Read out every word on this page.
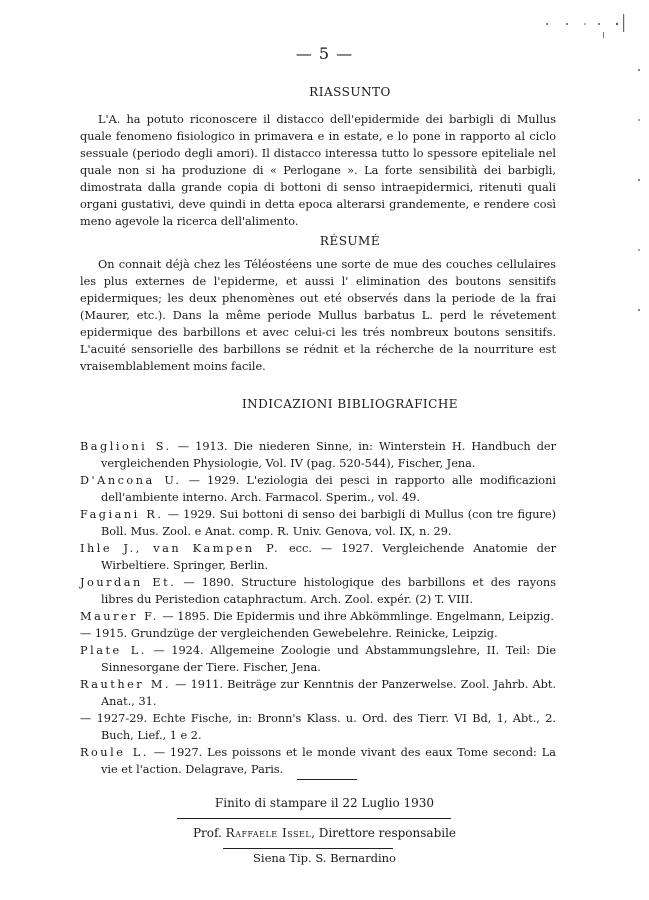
— 5 —
RIASSUNTO

L'A. ha potuto riconoscere il distacco dell'epidermide dei barbigli di Mullus quale fenomeno fisiologico in primavera e in estate, e lo pone in rapporto al ciclo sessuale (periodo degli amori). Il distacco interessa tutto lo spessore epiteliale nel quale non si ha produzione di « Perlogane ». La forte sensibilità dei barbigli, dimostrata dalla grande copia di bottoni di senso intraepidermici, ritenuti quali organi gustativi, deve quindi in detta epoca alterarsi grandemente, e rendere così meno agevole la ricerca dell'alimento.

RÉSUMÉ

On connait déjà chez les Téléostéens une sorte de mue des couches cellulaires les plus externes de l'epiderme, et aussi l' elimination des boutons sensitifs epidermiques; les deux phenomènes out eté observés dans la periode de la frai (Maurer, etc.). Dans la même periode Mullus barbatus L. perd le révetement epidermique des barbillons et avec celui-ci les trés nombreux boutons sensitifs. L'acuité sensorielle des barbillons se rédnit et la récherche de la nourriture est vraisemblablement moins facile.

INDICAZIONI BIBLIOGRAFICHE

Baglioni S. — 1913. Die niederen Sinne, in: Winterstein H. Handbuch der vergleichenden Physiologie, Vol. IV (pag. 520-544), Fischer, Jena.

D'Ancona U. — 1929. L'eziologia dei pesci in rapporto alle modificazioni dell'ambiente interno. Arch. Farmacol. Sperim., vol. 49.

Fagiani R. — 1929. Sui bottoni di senso dei barbigli di Mullus (con tre figure) Boll. Mus. Zool. e Anat. comp. R. Univ. Genova, vol. IX, n. 29.

Ihle J., van Kampen P. ecc. — 1927. Vergleichende Anatomie der Wirbeltiere. Springer, Berlin.

Jourdan Et. — 1890. Structure histologique des barbillons et des rayons libres du Peristedion cataphractum. Arch. Zool. expér. (2) T. VIII.

Maurer F. — 1895. Die Epidermis und ihre Abkömmlinge. Engelmann, Leipzig.

— 1915. Grundzüge der vergleichenden Gewebelehre. Reinicke, Leipzig.

Plate L. — 1924. Allgemeine Zoologie und Abstammungslehre, II. Teil: Die Sinnesorgane der Tiere. Fischer, Jena.

Rauther M. — 1911. Beiträge zur Kenntnis der Panzerwelse. Zool. Jahrb. Abt. Anat., 31.

— 1927-29. Echte Fische, in: Bronn's Klass. u. Ord. des Tierr. VI Bd, 1, Abt., 2. Buch, Lief., 1 e 2.

Roule L. — 1927. Les poissons et le monde vivant des eaux Tome second: La vie et l'action. Delagrave, Paris.

Finito di stampare il 22 Luglio 1930
Prof. Raffaele Issel, Direttore responsabile
Siena Tip. S. Bernardino
